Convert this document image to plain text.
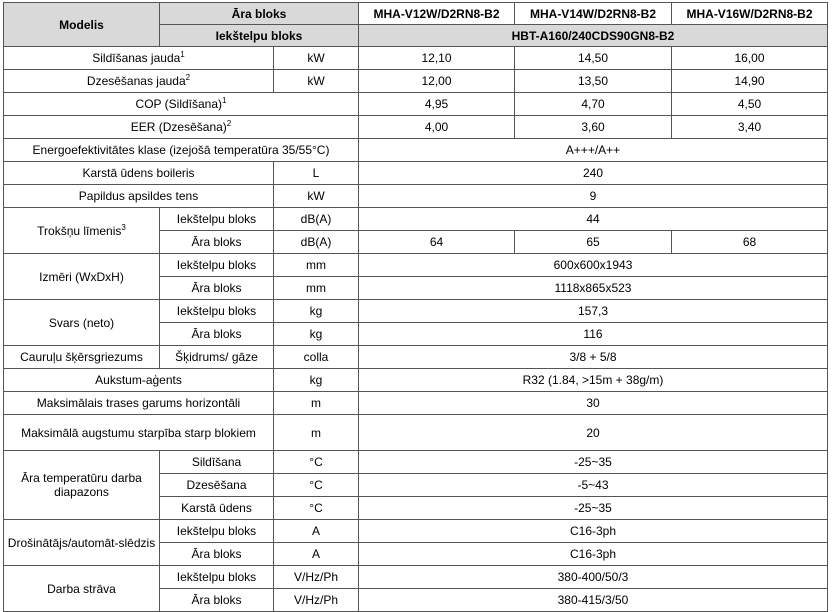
Modelis	Āra bloks		MHA-V12W/D2RN8-B2	MHA-V14W/D2RN8-B2	MHA-V16W/D2RN8-B2
	Iekštelpu bloks		HBT-A160/240CDS90GN8-B2		
Sildīšanas jauda$^1$		kW	12,10	14,50	16,00
Dzesēšanas jauda$^2$		kW	12,00	13,50	14,90
COP (Sildīšana)$^1$			4,95	4,70	4,50
EER (Dzesēšana)$^2$			4,00	3,60	3,40
Energoefektivitātes klase (izejošā temperatūra 35/55°C)			A+++/A++		
Karstā ūdens boileris		L	240		
Papildus apsildes tens		kW	9		
Trokšņu līmenis$^3$	Iekštelpu bloks	dB(A)	44		
	Āra bloks	dB(A)	64	65	68
Izmēri (WxDxH)	Iekštelpu bloks	mm	600x600x1943		
	Āra bloks	mm	1118x865x523		
Svars (neto)	Iekštelpu bloks	kg	157,3		
	Āra bloks	kg	116		
Cauruļu šķērsgriezums	Šķidrums/ gāze	colla	3/8 + 5/8		
Aukstum-aģents		kg	R32 (1.84, >15m + 38g/m)		
Maksimālais trases garums horizontāli		m	30		
Maksimālā augstumu starpība starp blokiem		m	20		
Āra temperatūru darba diapazons	Sildīšana	°C	-25~35		
	Dzesēšana	°C	-5~43		
	Karstā ūdens	°C	-25~35		
Drošinātājs/automāt-slēdzis	Iekštelpu bloks	A	C16-3ph		
	Āra bloks	A	C16-3ph		
Darba strāva	Iekštelpu bloks	V/Hz/Ph	380-400/50/3		
	Āra bloks	V/Hz/Ph	380-415/3/50		
